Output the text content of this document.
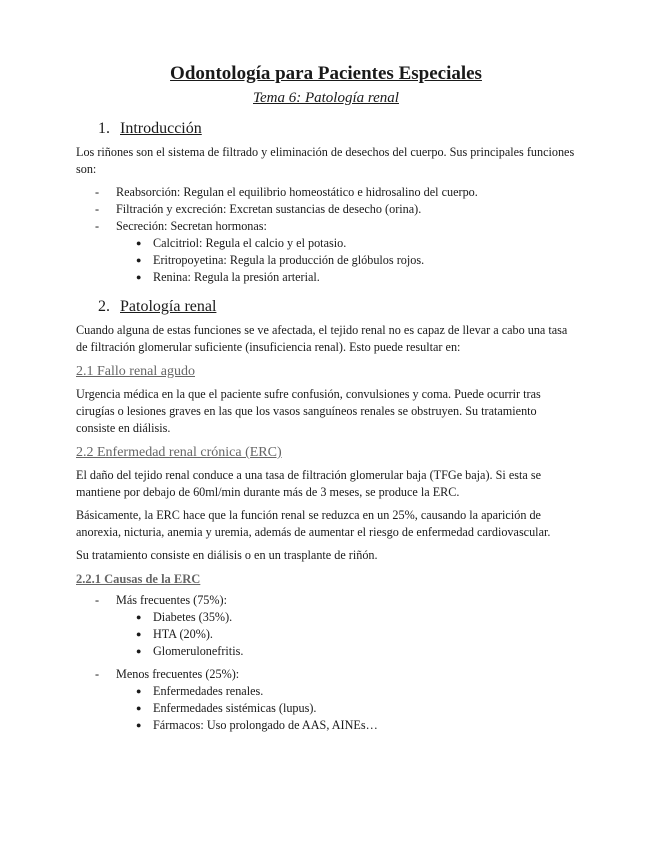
Odontología para Pacientes Especiales
Tema 6: Patología renal
1. Introducción

Los riñones son el sistema de filtrado y eliminación de desechos del cuerpo. Sus principales funciones son:

- Reabsorción: Regulan el equilibrio homeostático e hidrosalino del cuerpo.
- Filtración y excreción: Excretan sustancias de desecho (orina).
- Secreción: Secretan hormonas:
● Calcitriol: Regula el calcio y el potasio.
● Eritropoyetina: Regula la producción de glóbulos rojos.
● Renina: Regula la presión arterial.
2. Patología renal

Cuando alguna de estas funciones se ve afectada, el tejido renal no es capaz de llevar a cabo una tasa de filtración glomerular suficiente (insuficiencia renal). Esto puede resultar en:

2.1 Fallo renal agudo

Urgencia médica en la que el paciente sufre confusión, convulsiones y coma. Puede ocurrir tras cirugías o lesiones graves en las que los vasos sanguíneos renales se obstruyen. Su tratamiento consiste en diálisis.

2.2 Enfermedad renal crónica (ERC)

El daño del tejido renal conduce a una tasa de filtración glomerular baja (TFGe baja). Si esta se mantiene por debajo de 60ml/min durante más de 3 meses, se produce la ERC.

Básicamente, la ERC hace que la función renal se reduzca en un 25%, causando la aparición de anorexia, nicturia, anemia y uremia, además de aumentar el riesgo de enfermedad cardiovascular.

Su tratamiento consiste en diálisis o en un trasplante de riñón.

2.2.1 Causas de la ERC
- Más frecuentes (75%):
● Diabetes (35%).
● HTA (20%).
● Glomerulonefritis.
- Menos frecuentes (25%):
● Enfermedades renales.
● Enfermedades sistémicas (lupus).
● Fármacos: Uso prolongado de AAS, AINEs…
